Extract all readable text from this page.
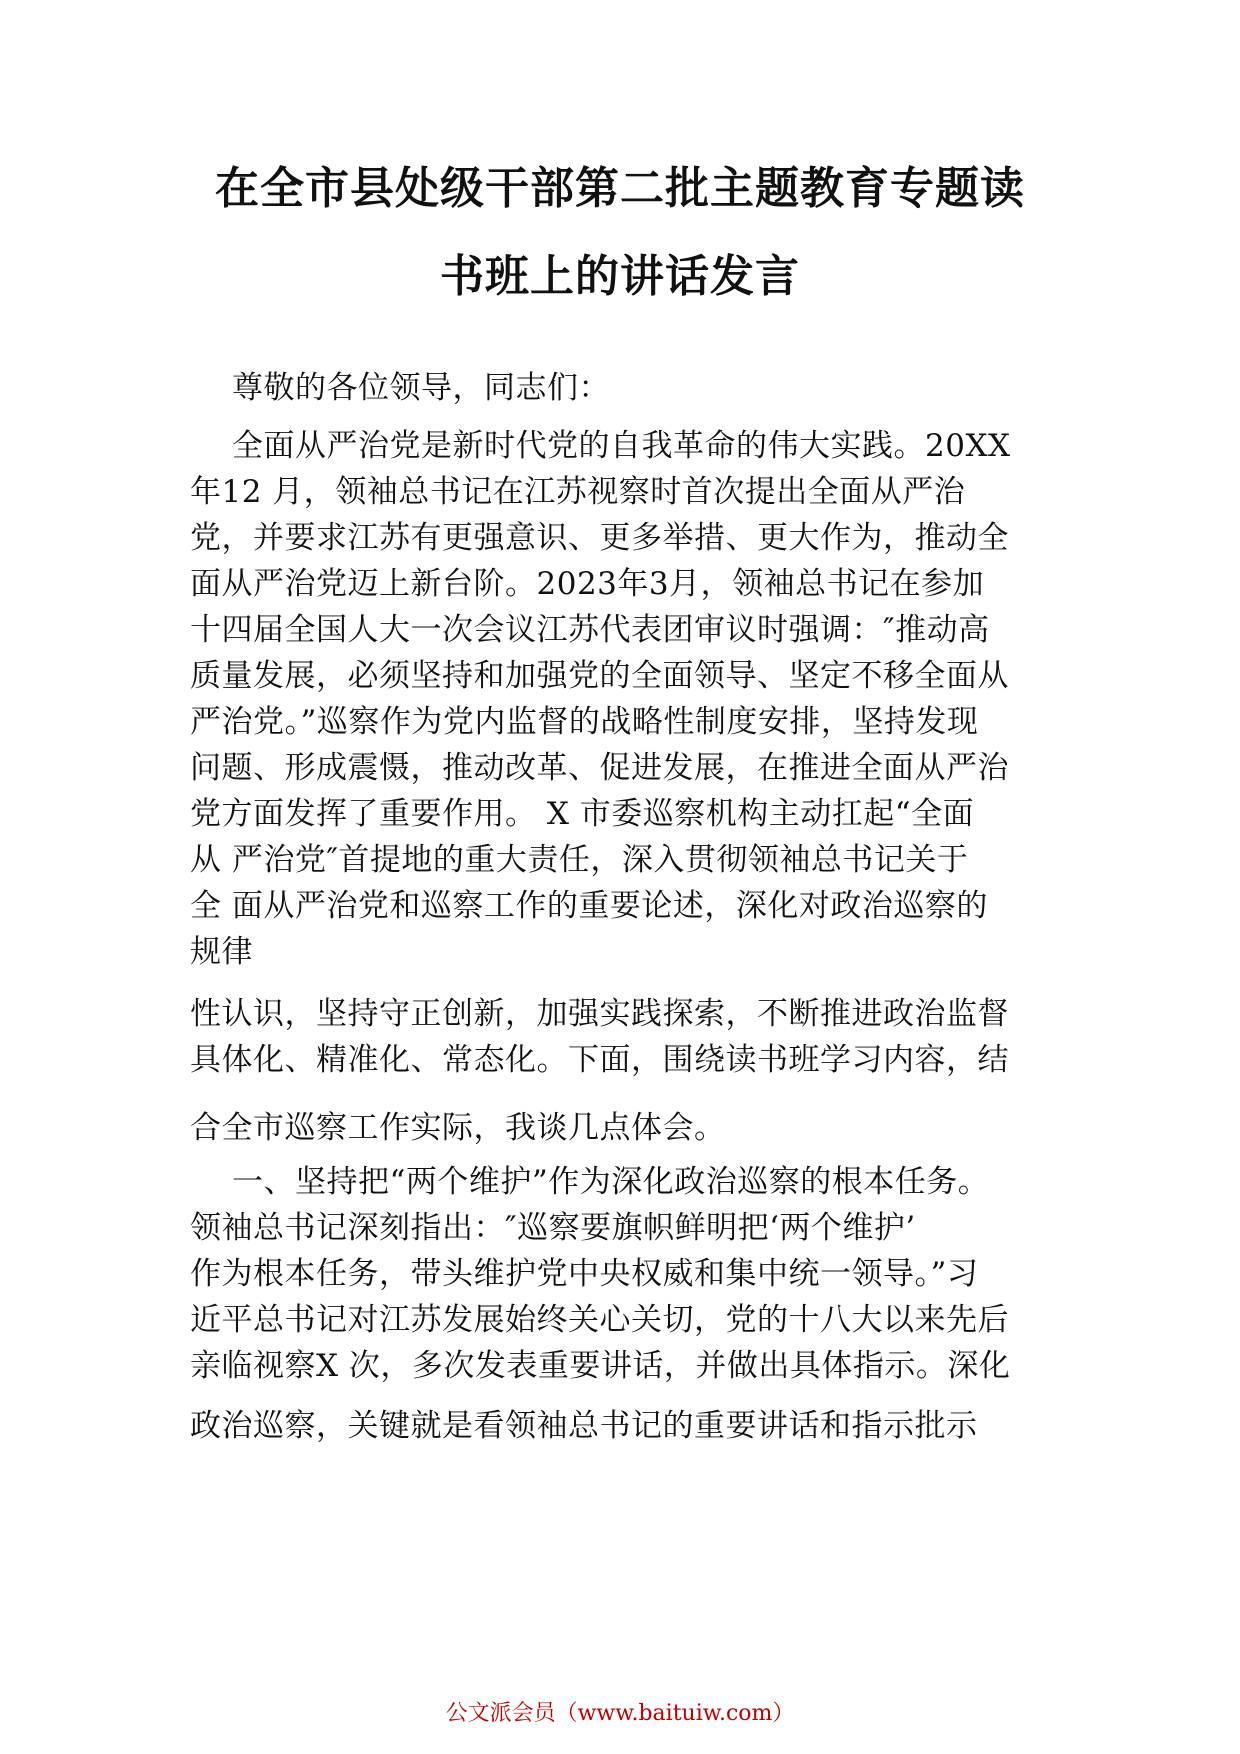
在全市县处级干部第二批主题教育专题读
书班上的讲话发言
尊敬的各位领导，同志们：
全面从严治党是新时代党的自我革命的伟大实践。20XX
年12 月，领袖总书记在江苏视察时首次提出全面从严治
党，并要求江苏有更强意识、更多举措、更大作为，推动全
面从严治党迈上新台阶。2023年3月，领袖总书记在参加
十四届全国人大一次会议江苏代表团审议时强调：″推动高
质量发展，必须坚持和加强党的全面领导、坚定不移全面从
严治党。”巡察作为党内监督的战略性制度安排，坚持发现
问题、形成震慑，推动改革、促进发展，在推进全面从严治
党方面发挥了重要作用。 X 市委巡察机构主动扛起“全面
从 严治党″首提地的重大责任，深入贯彻领袖总书记关于
全 面从严治党和巡察工作的重要论述，深化对政治巡察的
规律
性认识，坚持守正创新，加强实践探索，不断推进政治监督
具体化、精准化、常态化。下面，围绕读书班学习内容，结
合全市巡察工作实际，我谈几点体会。
一、坚持把“两个维护”作为深化政治巡察的根本任务。
领袖总书记深刻指出：″巡察要旗帜鲜明把‘两个维护’
作为根本任务，带头维护党中央权威和集中统一领导。”习
近平总书记对江苏发展始终关心关切，党的十八大以来先后
亲临视察X 次，多次发表重要讲话，并做出具体指示。深化
政治巡察，关键就是看领袖总书记的重要讲话和指示批示
公文派会员（www.baituiw.com）
